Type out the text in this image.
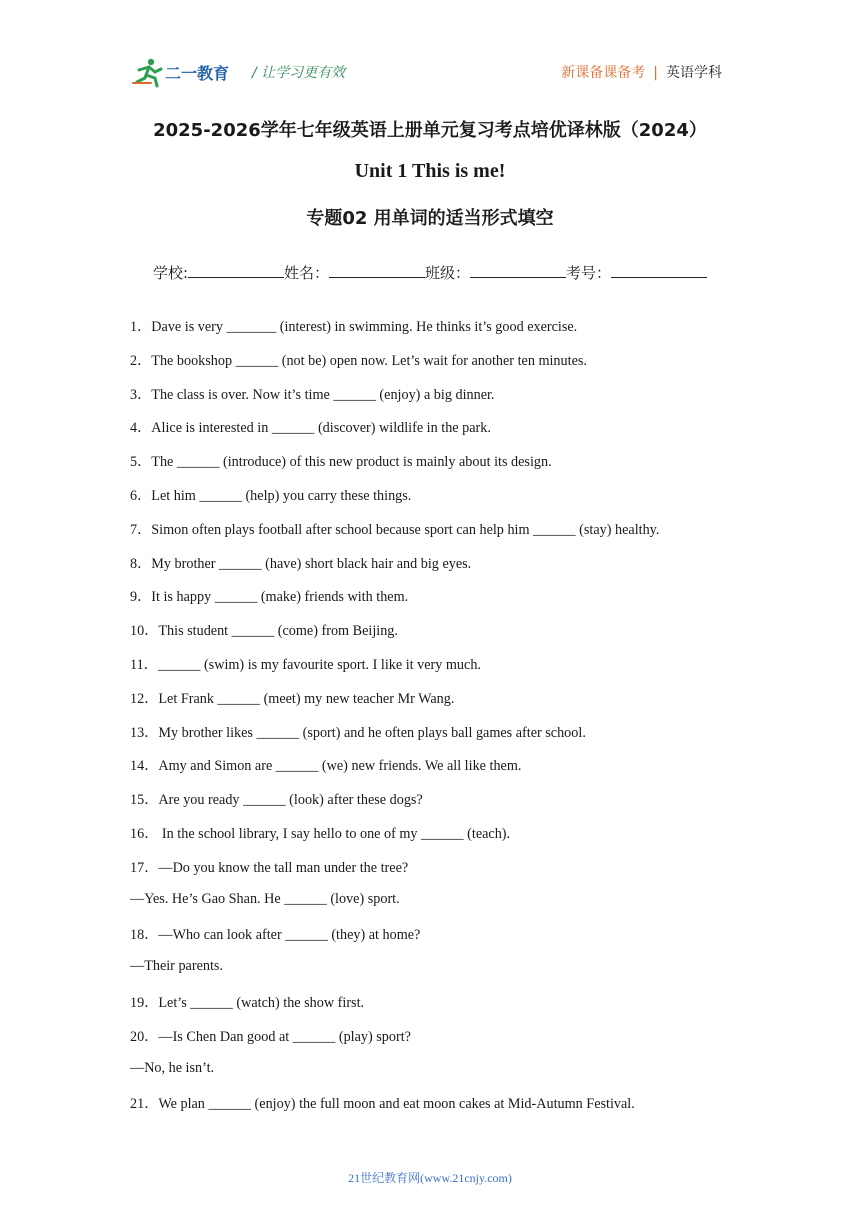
二一教育 / 让学习更有效	新课备课备考 | 英语学科
2025-2026学年七年级英语上册单元复习考点培优译林版（2024）
Unit 1 This is me!
专题02 用单词的适当形式填空
学校:	姓名：	班级：	考号：
1．Dave is very _______ (interest) in swimming. He thinks it’s good exercise.
2．The bookshop ______ (not be) open now. Let’s wait for another ten minutes.
3．The class is over. Now it’s time ______ (enjoy) a big dinner.
4．Alice is interested in ______ (discover) wildlife in the park.
5．The ______ (introduce) of this new product is mainly about its design.
6．Let him ______ (help) you carry these things.
7．Simon often plays football after school because sport can help him ______ (stay) healthy.
8．My brother ______ (have) short black hair and big eyes.
9．It is happy ______ (make) friends with them.
10．This student ______ (come) from Beijing.
11．______ (swim) is my favourite sport. I like it very much.
12．Let Frank ______ (meet) my new teacher Mr Wang.
13．My brother likes ______ (sport) and he often plays ball games after school.
14．Amy and Simon are ______ (we) new friends. We all like them.
15．Are you ready ______ (look) after these dogs?
16． In the school library, I say hello to one of my ______ (teach).
17．—Do you know the tall man under the tree?
—Yes. He’s Gao Shan. He ______ (love) sport.
18．—Who can look after ______ (they) at home?
—Their parents.
19．Let’s ______ (watch) the show first.
20．—Is Chen Dan good at ______ (play) sport?
—No, he isn’t.
21．We plan ______ (enjoy) the full moon and eat moon cakes at Mid-Autumn Festival.
21世纪教育网(www.21cnjy.com)
